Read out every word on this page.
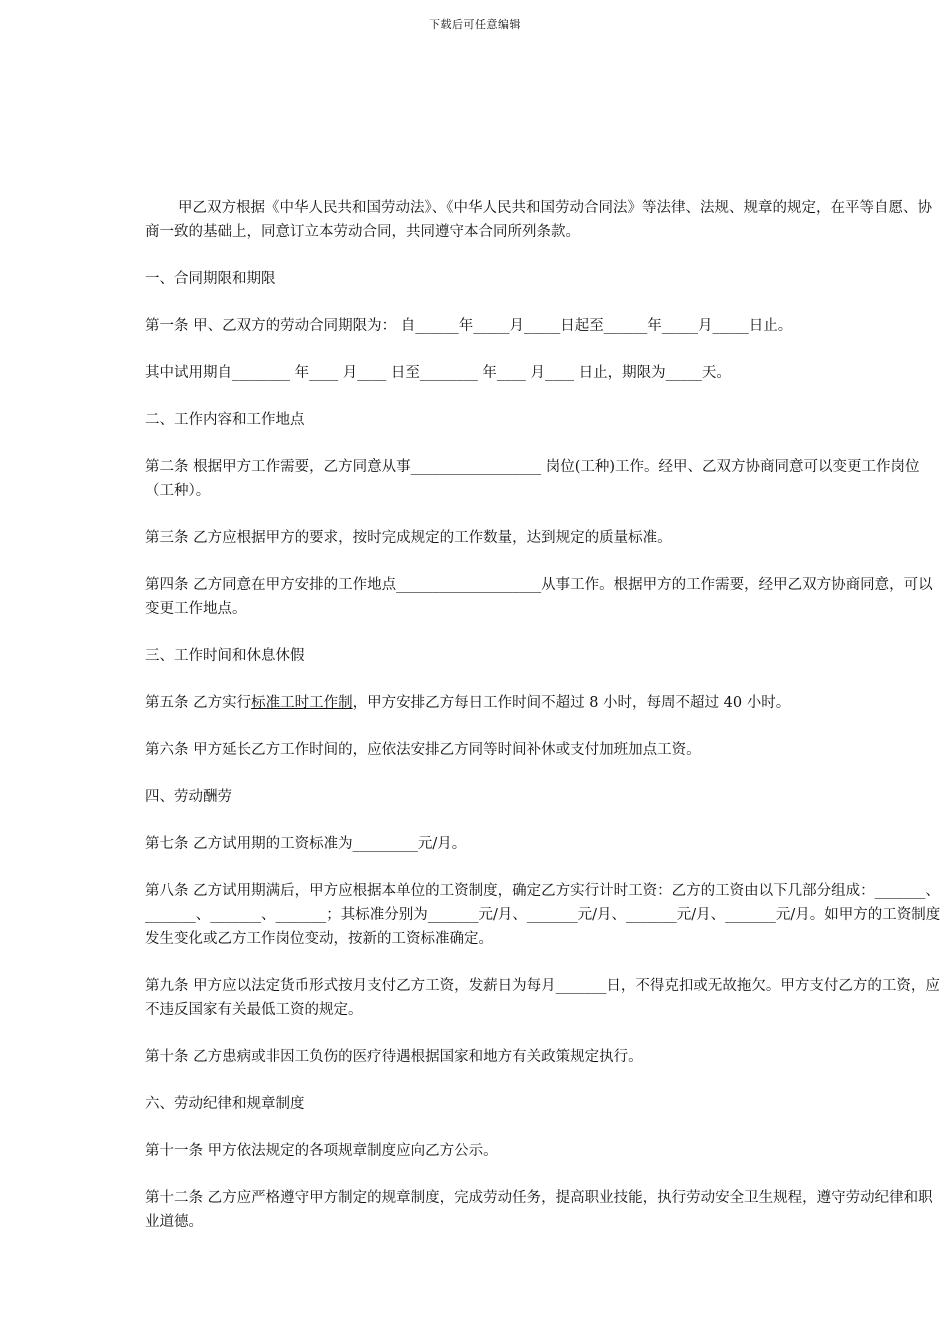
下载后可任意编辑

甲乙双方根据《中华人民共和国劳动法》、《中华人民共和国劳动合同法》等法律、法规、规章的规定，在平等自愿、协商一致的基础上，同意订立本劳动合同，共同遵守本合同所列条款。

一、合同期限和期限

第一条 甲、乙双方的劳动合同期限为： 自______年_____月_____日起至______年_____月_____日止。

其中试用期自________ 年____ 月____ 日至________ 年____ 月____ 日止，期限为_____天。

二、工作内容和工作地点

第二条 根据甲方工作需要，乙方同意从事__________________ 岗位(工种)工作。经甲、乙双方协商同意可以变更工作岗位（工种）。

第三条 乙方应根据甲方的要求，按时完成规定的工作数量，达到规定的质量标准。

第四条 乙方同意在甲方安排的工作地点____________________从事工作。根据甲方的工作需要，经甲乙双方协商同意，可以变更工作地点。

三、工作时间和休息休假

第五条 乙方实行标准工时工作制，甲方安排乙方每日工作时间不超过 8 小时，每周不超过 40 小时。

第六条 甲方延长乙方工作时间的，应依法安排乙方同等时间补休或支付加班加点工资。

四、劳动酬劳

第七条 乙方试用期的工资标准为_________元/月。

第八条 乙方试用期满后，甲方应根据本单位的工资制度，确定乙方实行计时工资：乙方的工资由以下几部分组成：_______、_______、_______、_______；其标准分别为_______元/月、_______元/月、_______元/月、_______元/月。如甲方的工资制度发生变化或乙方工作岗位变动，按新的工资标准确定。

第九条 甲方应以法定货币形式按月支付乙方工资，发薪日为每月_______日，不得克扣或无故拖欠。甲方支付乙方的工资，应不违反国家有关最低工资的规定。

第十条 乙方患病或非因工负伤的医疗待遇根据国家和地方有关政策规定执行。

六、劳动纪律和规章制度

第十一条 甲方依法规定的各项规章制度应向乙方公示。

第十二条 乙方应严格遵守甲方制定的规章制度，完成劳动任务，提高职业技能，执行劳动安全卫生规程，遵守劳动纪律和职业道德。
